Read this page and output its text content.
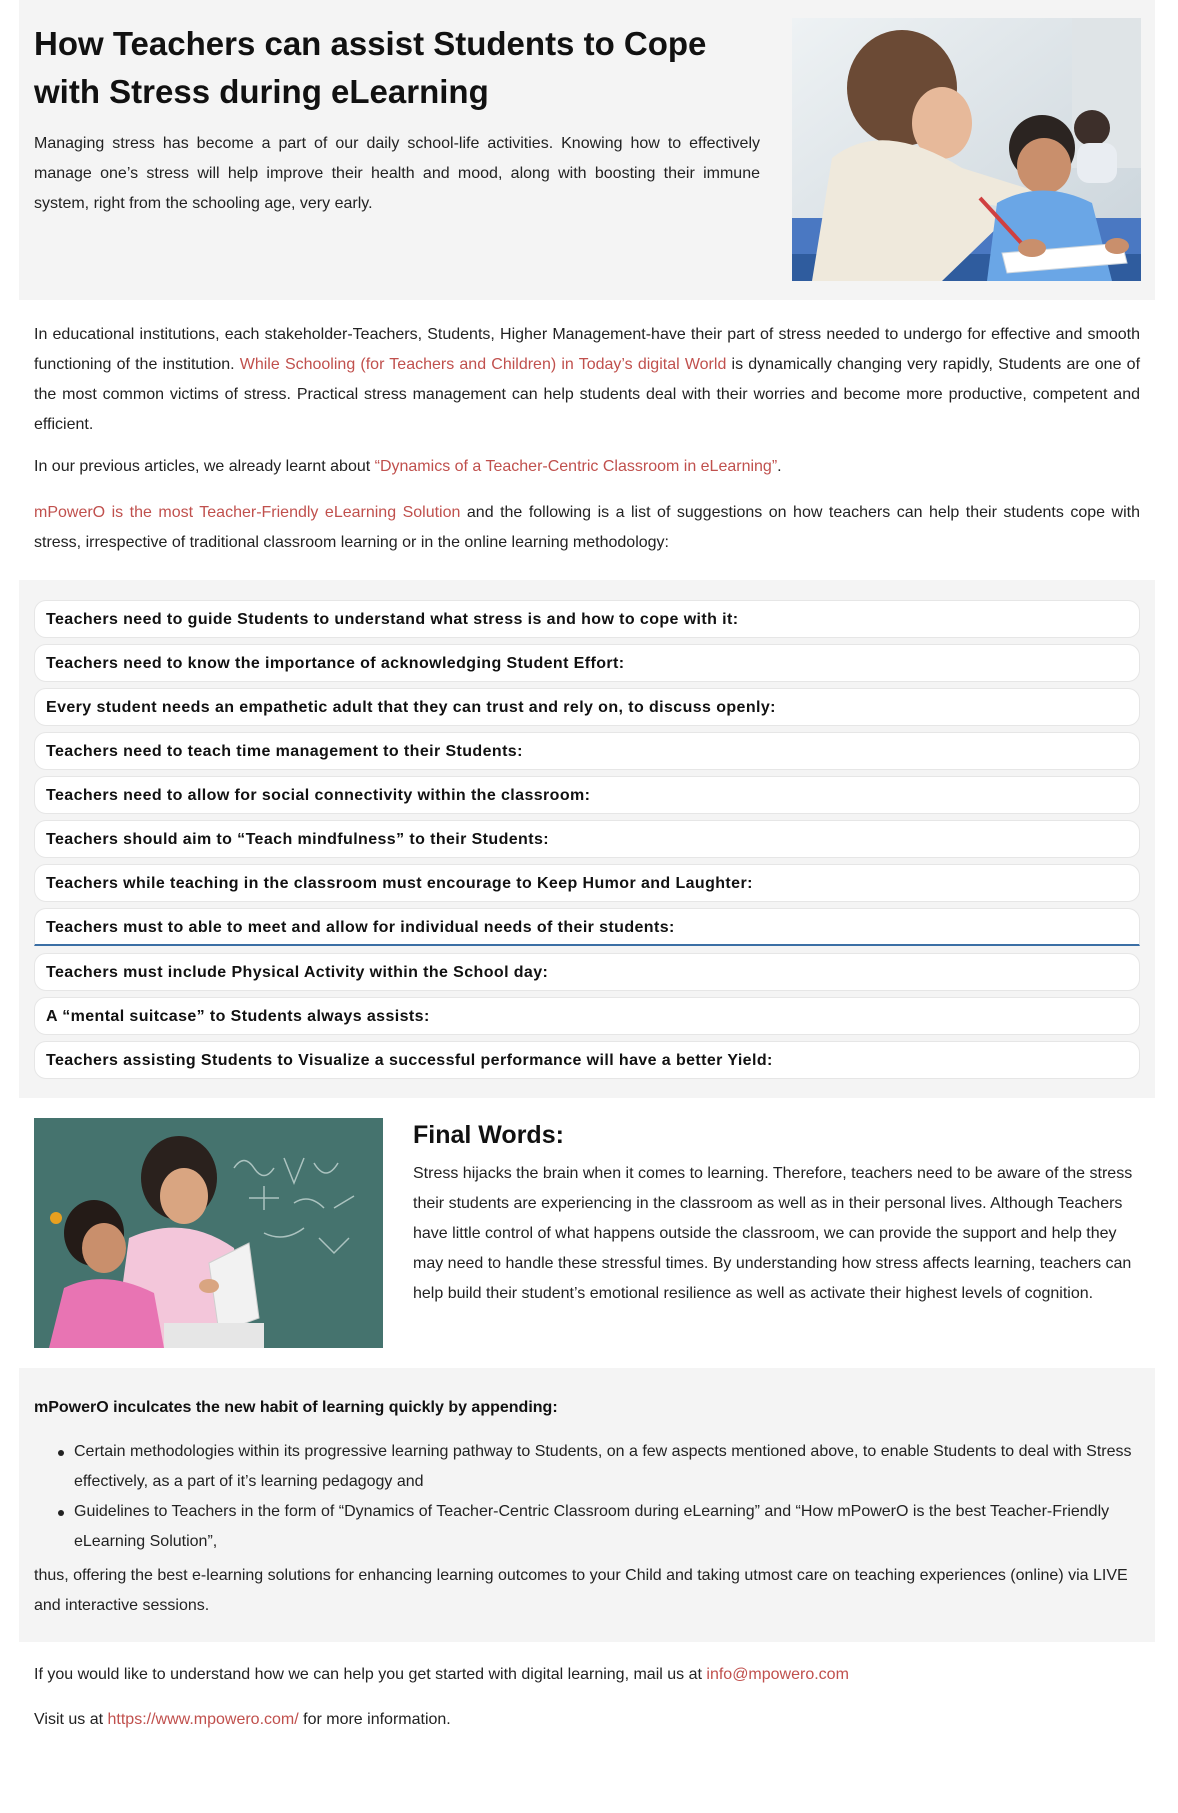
How Teachers can assist Students to Cope with Stress during eLearning

Managing stress has become a part of our daily school-life activities. Knowing how to effectively manage one’s stress will help improve their health and mood, along with boosting their immune system, right from the schooling age, very early.

In educational institutions, each stakeholder-Teachers, Students, Higher Management-have their part of stress needed to undergo for effective and smooth functioning of the institution. While Schooling (for Teachers and Children) in Today’s digital World is dynamically changing very rapidly, Students are one of the most common victims of stress. Practical stress management can help students deal with their worries and become more productive, competent and efficient.

In our previous articles, we already learnt about “Dynamics of a Teacher-Centric Classroom in eLearning”.

mPowerO is the most Teacher-Friendly eLearning Solution and the following is a list of suggestions on how teachers can help their students cope with stress, irrespective of traditional classroom learning or in the online learning methodology:

Teachers need to guide Students to understand what stress is and how to cope with it:
Teachers need to know the importance of acknowledging Student Effort:
Every student needs an empathetic adult that they can trust and rely on, to discuss openly:
Teachers need to teach time management to their Students:
Teachers need to allow for social connectivity within the classroom:
Teachers should aim to “Teach mindfulness” to their Students:
Teachers while teaching in the classroom must encourage to Keep Humor and Laughter:
Teachers must to able to meet and allow for individual needs of their students:
Teachers must include Physical Activity within the School day:
A “mental suitcase” to Students always assists:
Teachers assisting Students to Visualize a successful performance will have a better Yield:
Final Words:

Stress hijacks the brain when it comes to learning. Therefore, teachers need to be aware of the stress their students are experiencing in the classroom as well as in their personal lives. Although Teachers have little control of what happens outside the classroom, we can provide the support and help they may need to handle these stressful times. By understanding how stress affects learning, teachers can help build their student’s emotional resilience as well as activate their highest levels of cognition.

mPowerO inculcates the new habit of learning quickly by appending:
Certain methodologies within its progressive learning pathway to Students, on a few aspects mentioned above, to enable Students to deal with Stress effectively, as a part of it’s learning pedagogy and
Guidelines to Teachers in the form of “Dynamics of Teacher-Centric Classroom during eLearning” and “How mPowerO is the best Teacher-Friendly eLearning Solution”,

thus, offering the best e-learning solutions for enhancing learning outcomes to your Child and taking utmost care on teaching experiences (online) via LIVE and interactive sessions.

If you would like to understand how we can help you get started with digital learning, mail us at info@mpowero.com

Visit us at https://www.mpowero.com/ for more information.
